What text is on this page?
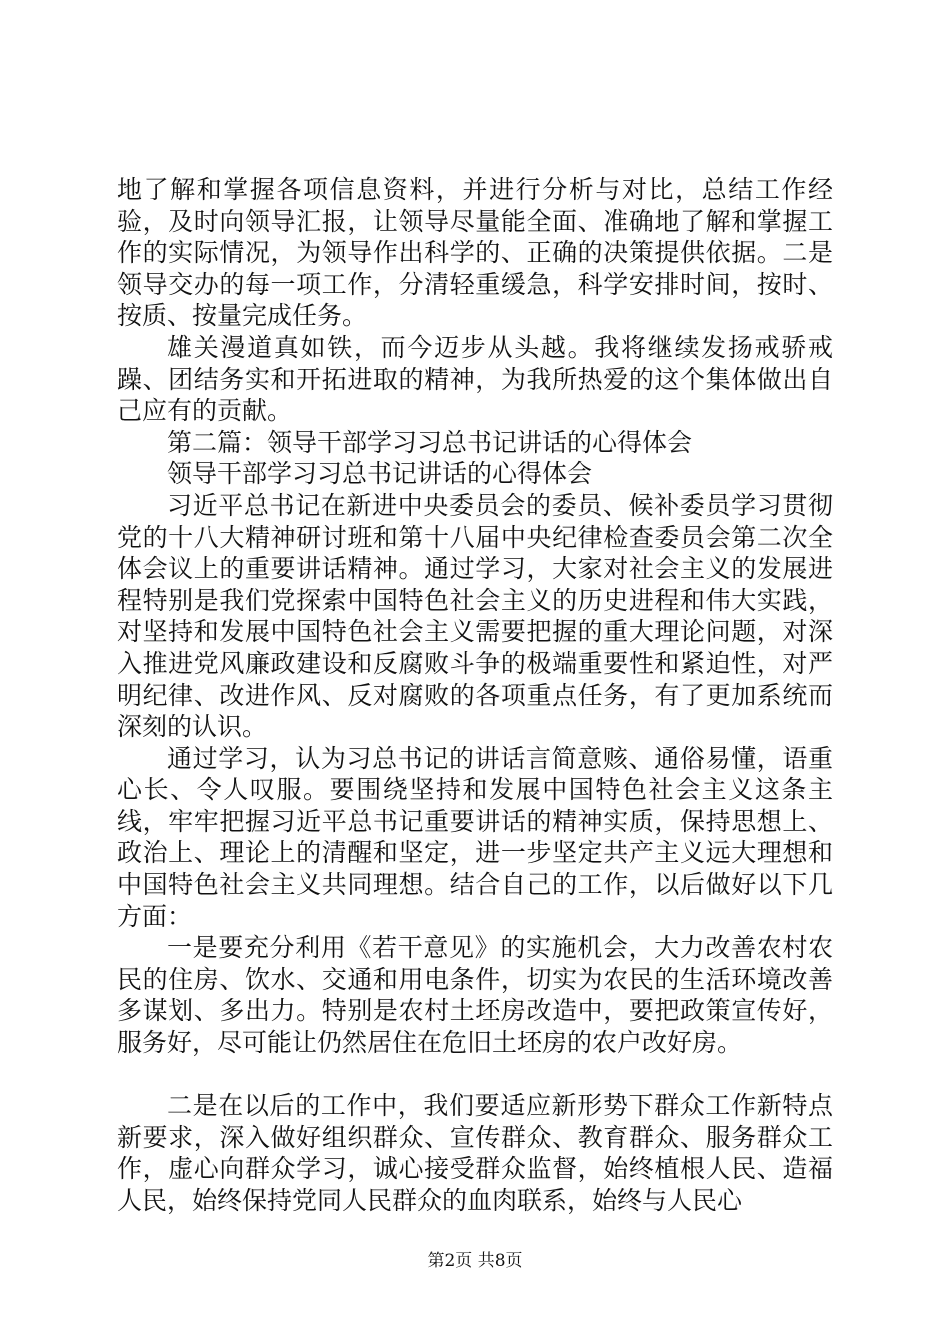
地了解和掌握各项信息资料，并进行分析与对比，总结工作经验，及时向领导汇报，让领导尽量能全面、准确地了解和掌握工作的实际情况，为领导作出科学的、正确的决策提供依据。二是领导交办的每一项工作，分清轻重缓急，科学安排时间，按时、按质、按量完成任务。

雄关漫道真如铁，而今迈步从头越。我将继续发扬戒骄戒躁、团结务实和开拓进取的精神，为我所热爱的这个集体做出自己应有的贡献。

第二篇：领导干部学习习总书记讲话的心得体会

领导干部学习习总书记讲话的心得体会

习近平总书记在新进中央委员会的委员、候补委员学习贯彻党的十八大精神研讨班和第十八届中央纪律检查委员会第二次全体会议上的重要讲话精神。通过学习，大家对社会主义的发展进程特别是我们党探索中国特色社会主义的历史进程和伟大实践，对坚持和发展中国特色社会主义需要把握的重大理论问题，对深入推进党风廉政建设和反腐败斗争的极端重要性和紧迫性，对严明纪律、改进作风、反对腐败的各项重点任务，有了更加系统而深刻的认识。

通过学习，认为习总书记的讲话言简意赅、通俗易懂，语重心长、令人叹服。要围绕坚持和发展中国特色社会主义这条主线，牢牢把握习近平总书记重要讲话的精神实质，保持思想上、政治上、理论上的清醒和坚定，进一步坚定共产主义远大理想和中国特色社会主义共同理想。结合自己的工作，以后做好以下几方面：

一是要充分利用《若干意见》的实施机会，大力改善农村农民的住房、饮水、交通和用电条件，切实为农民的生活环境改善多谋划、多出力。特别是农村土坯房改造中，要把政策宣传好，服务好，尽可能让仍然居住在危旧土坯房的农户改好房。

二是在以后的工作中，我们要适应新形势下群众工作新特点新要求，深入做好组织群众、宣传群众、教育群众、服务群众工作，虚心向群众学习，诚心接受群众监督，始终植根人民、造福人民，始终保持党同人民群众的血肉联系，始终与人民心

第2页 共8页
